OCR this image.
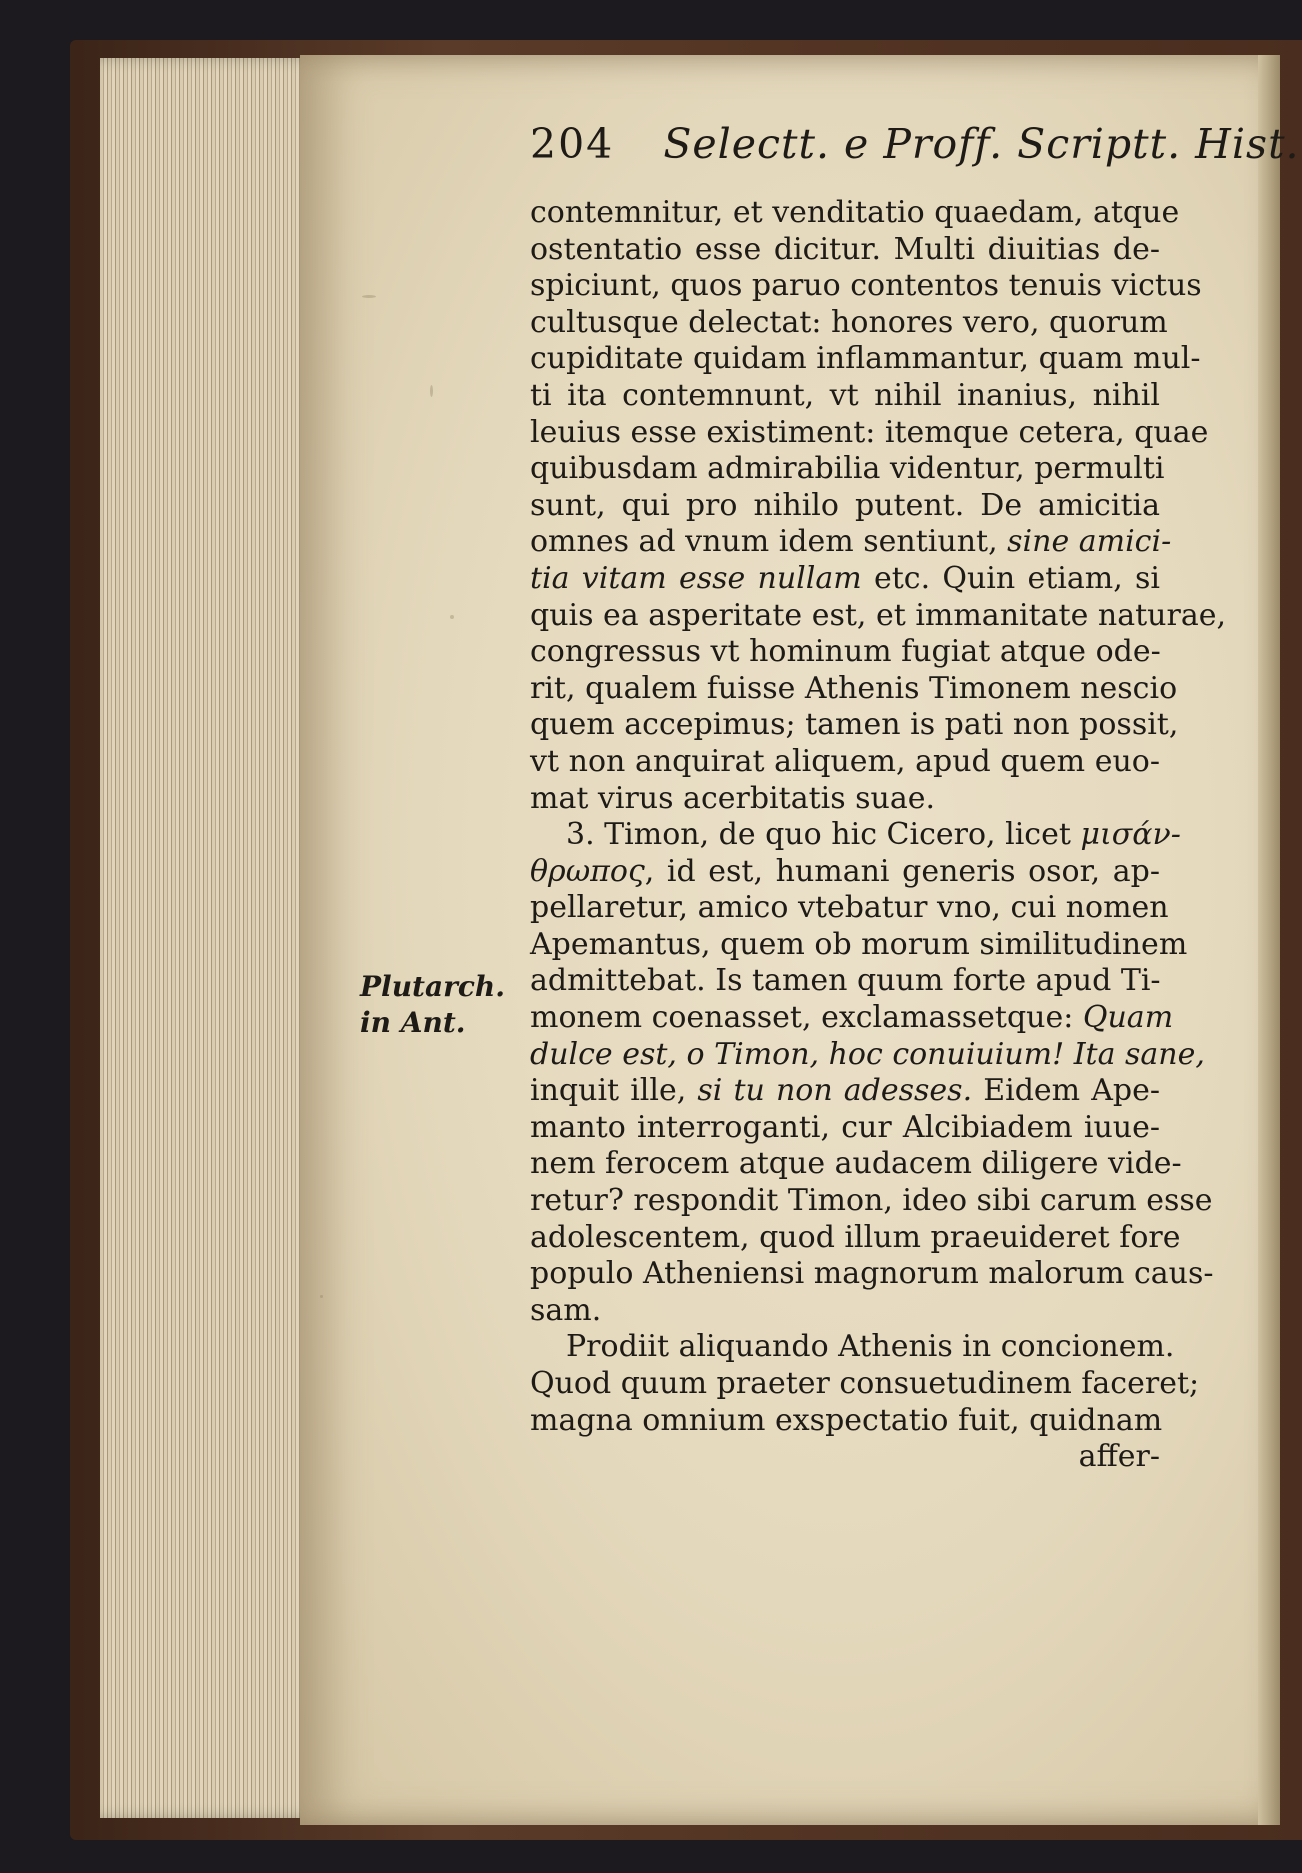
204 Selectt. e Proff. Scriptt. Hist.
Plutarch.
in Ant.
contemnitur, et venditatio quaedam, atque
ostentatio esse dicitur. Multi diuitias de-
spiciunt, quos paruo contentos tenuis victus
cultusque delectat: honores vero, quorum
cupiditate quidam inflammantur, quam mul-
ti ita contemnunt, vt nihil inanius, nihil
leuius esse existiment: itemque cetera, quae
quibusdam admirabilia videntur, permulti
sunt, qui pro nihilo putent. De amicitia
omnes ad vnum idem sentiunt, sine amici-
tia vitam esse nullam etc. Quin etiam, si
quis ea asperitate est, et immanitate naturae,
congressus vt hominum fugiat atque ode-
rit, qualem fuisse Athenis Timonem nescio
quem accepimus; tamen is pati non possit,
vt non anquirat aliquem, apud quem euo-
mat virus acerbitatis suae.
3. Timon, de quo hic Cicero, licet μισάν-
θρωπος, id est, humani generis osor, ap-
pellaretur, amico vtebatur vno, cui nomen
Apemantus, quem ob morum similitudinem
admittebat. Is tamen quum forte apud Ti-
monem coenasset, exclamassetque: Quam
dulce est, o Timon, hoc conuiuium! Ita sane,
inquit ille, si tu non adesses. Eidem Ape-
manto interroganti, cur Alcibiadem iuue-
nem ferocem atque audacem diligere vide-
retur? respondit Timon, ideo sibi carum esse
adolescentem, quod illum praeuideret fore
populo Atheniensi magnorum malorum caus-
sam.
Prodiit aliquando Athenis in concionem.
Quod quum praeter consuetudinem faceret;
magna omnium exspectatio fuit, quidnam
affer-
